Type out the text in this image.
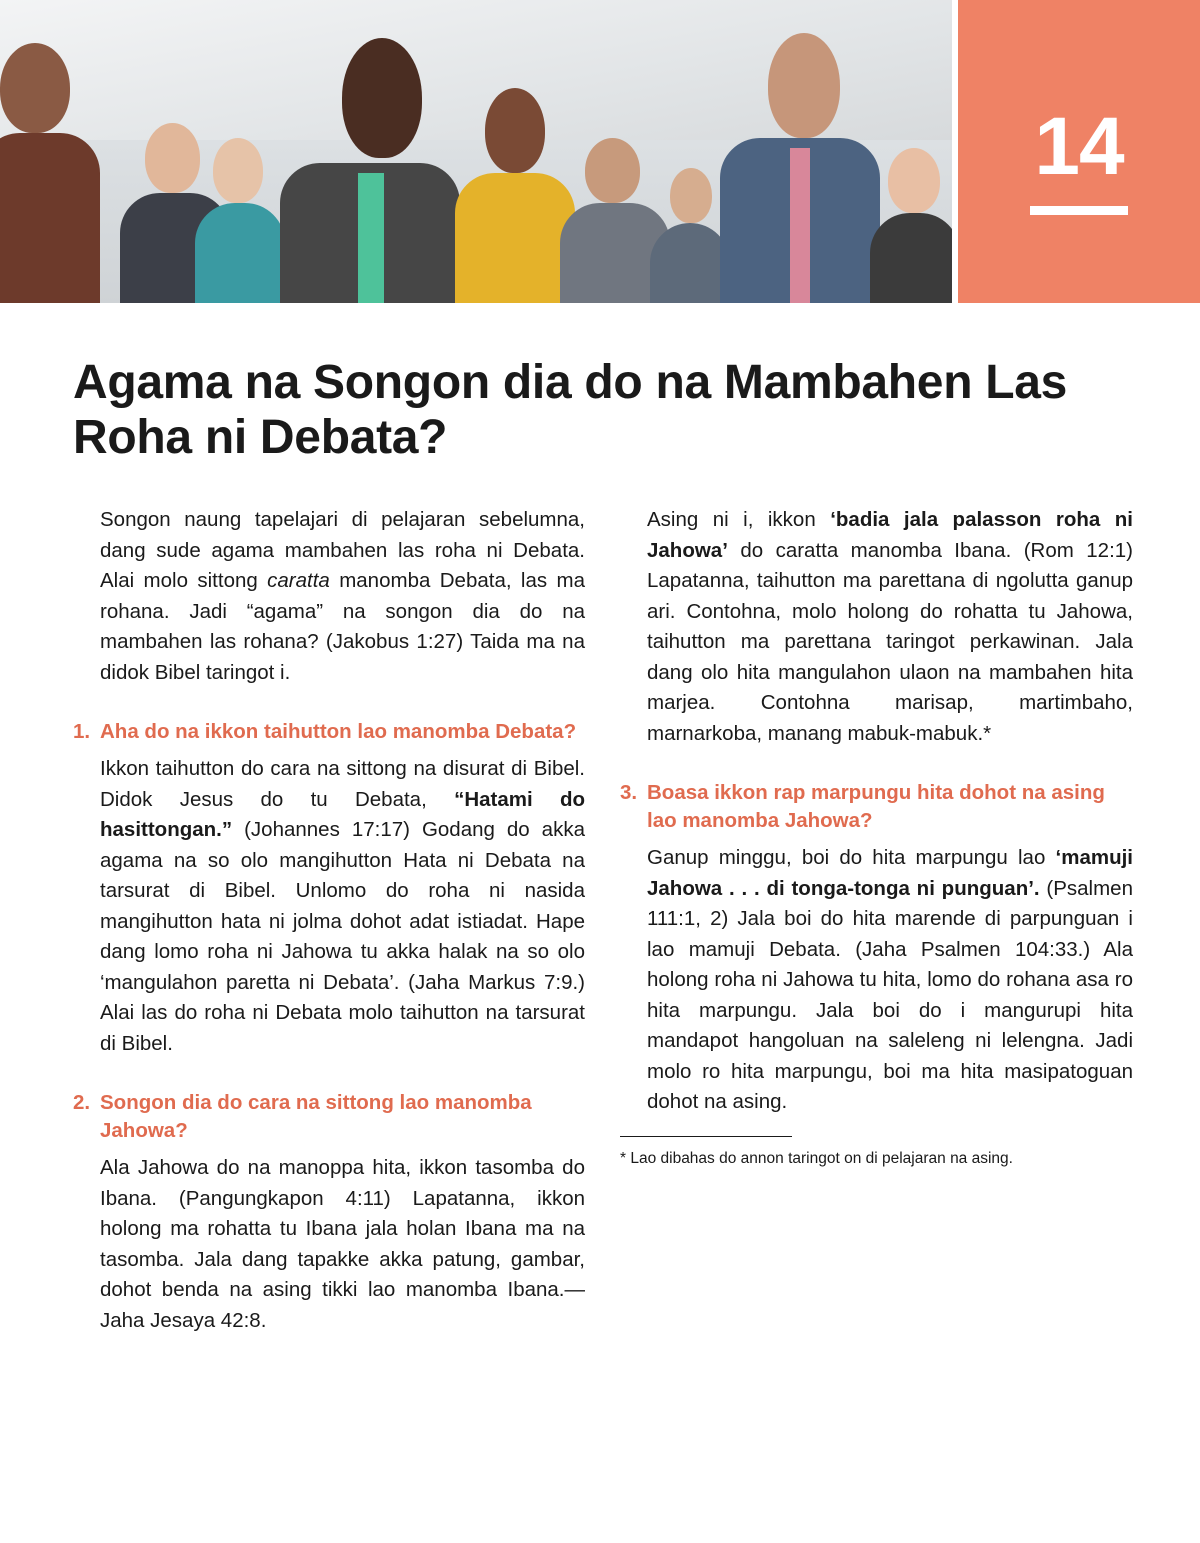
14
Agama na Songon dia do na Mambahen Las Roha ni Debata?

Songon naung tapelajari di pelajaran sebelumna, dang sude agama mambahen las roha ni Debata. Alai molo sittong caratta manomba Debata, las ma rohana. Jadi “agama” na songon dia do na mambahen las rohana? (Jakobus 1:27) Taida ma na didok Bibel taringot i.

1. Aha do na ikkon taihutton lao manomba Debata?

Ikkon taihutton do cara na sittong na disurat di Bibel. Didok Jesus do tu Debata, “Hatami do hasittongan.” (Johannes 17:17) Godang do akka agama na so olo mangihutton Hata ni Debata na tarsurat di Bibel. Unlomo do roha ni nasida mangihutton hata ni jolma dohot adat istiadat. Hape dang lomo roha ni Jahowa tu akka halak na so olo ‘mangulahon paretta ni Debata’. (Jaha Markus 7:9.) Alai las do roha ni Debata molo taihutton na tarsurat di Bibel.

2. Songon dia do cara na sittong lao manomba Jahowa?

Ala Jahowa do na manoppa hita, ikkon tasomba do Ibana. (Pangungkapon 4:11) Lapatanna, ikkon holong ma rohatta tu Ibana jala holan Ibana ma na tasomba. Jala dang tapakke akka patung, gambar, dohot benda na asing tikki lao manomba Ibana.—Jaha Jesaya 42:8.

Asing ni i, ikkon ‘badia jala palasson roha ni Jahowa’ do caratta manomba Ibana. (Rom 12:1) Lapatanna, taihutton ma parettana di ngolutta ganup ari. Contohna, molo holong do rohatta tu Jahowa, taihutton ma parettana taringot perkawinan. Jala dang olo hita mangulahon ulaon na mambahen hita marjea. Contohna marisap, martimbaho, marnarkoba, manang mabuk-mabuk.*

3. Boasa ikkon rap marpungu hita dohot na asing lao manomba Jahowa?

Ganup minggu, boi do hita marpungu lao ‘mamuji Jahowa . . . di tonga-tonga ni punguan’. (Psalmen 111:1, 2) Jala boi do hita marende di parpunguan i lao mamuji Debata. (Jaha Psalmen 104:33.) Ala holong roha ni Jahowa tu hita, lomo do rohana asa ro hita marpungu. Jala boi do i mangurupi hita mandapot hangoluan na saleleng ni lelengna. Jadi molo ro hita marpungu, boi ma hita masipatoguan dohot na asing.

* Lao dibahas do annon taringot on di pelajaran na asing.
